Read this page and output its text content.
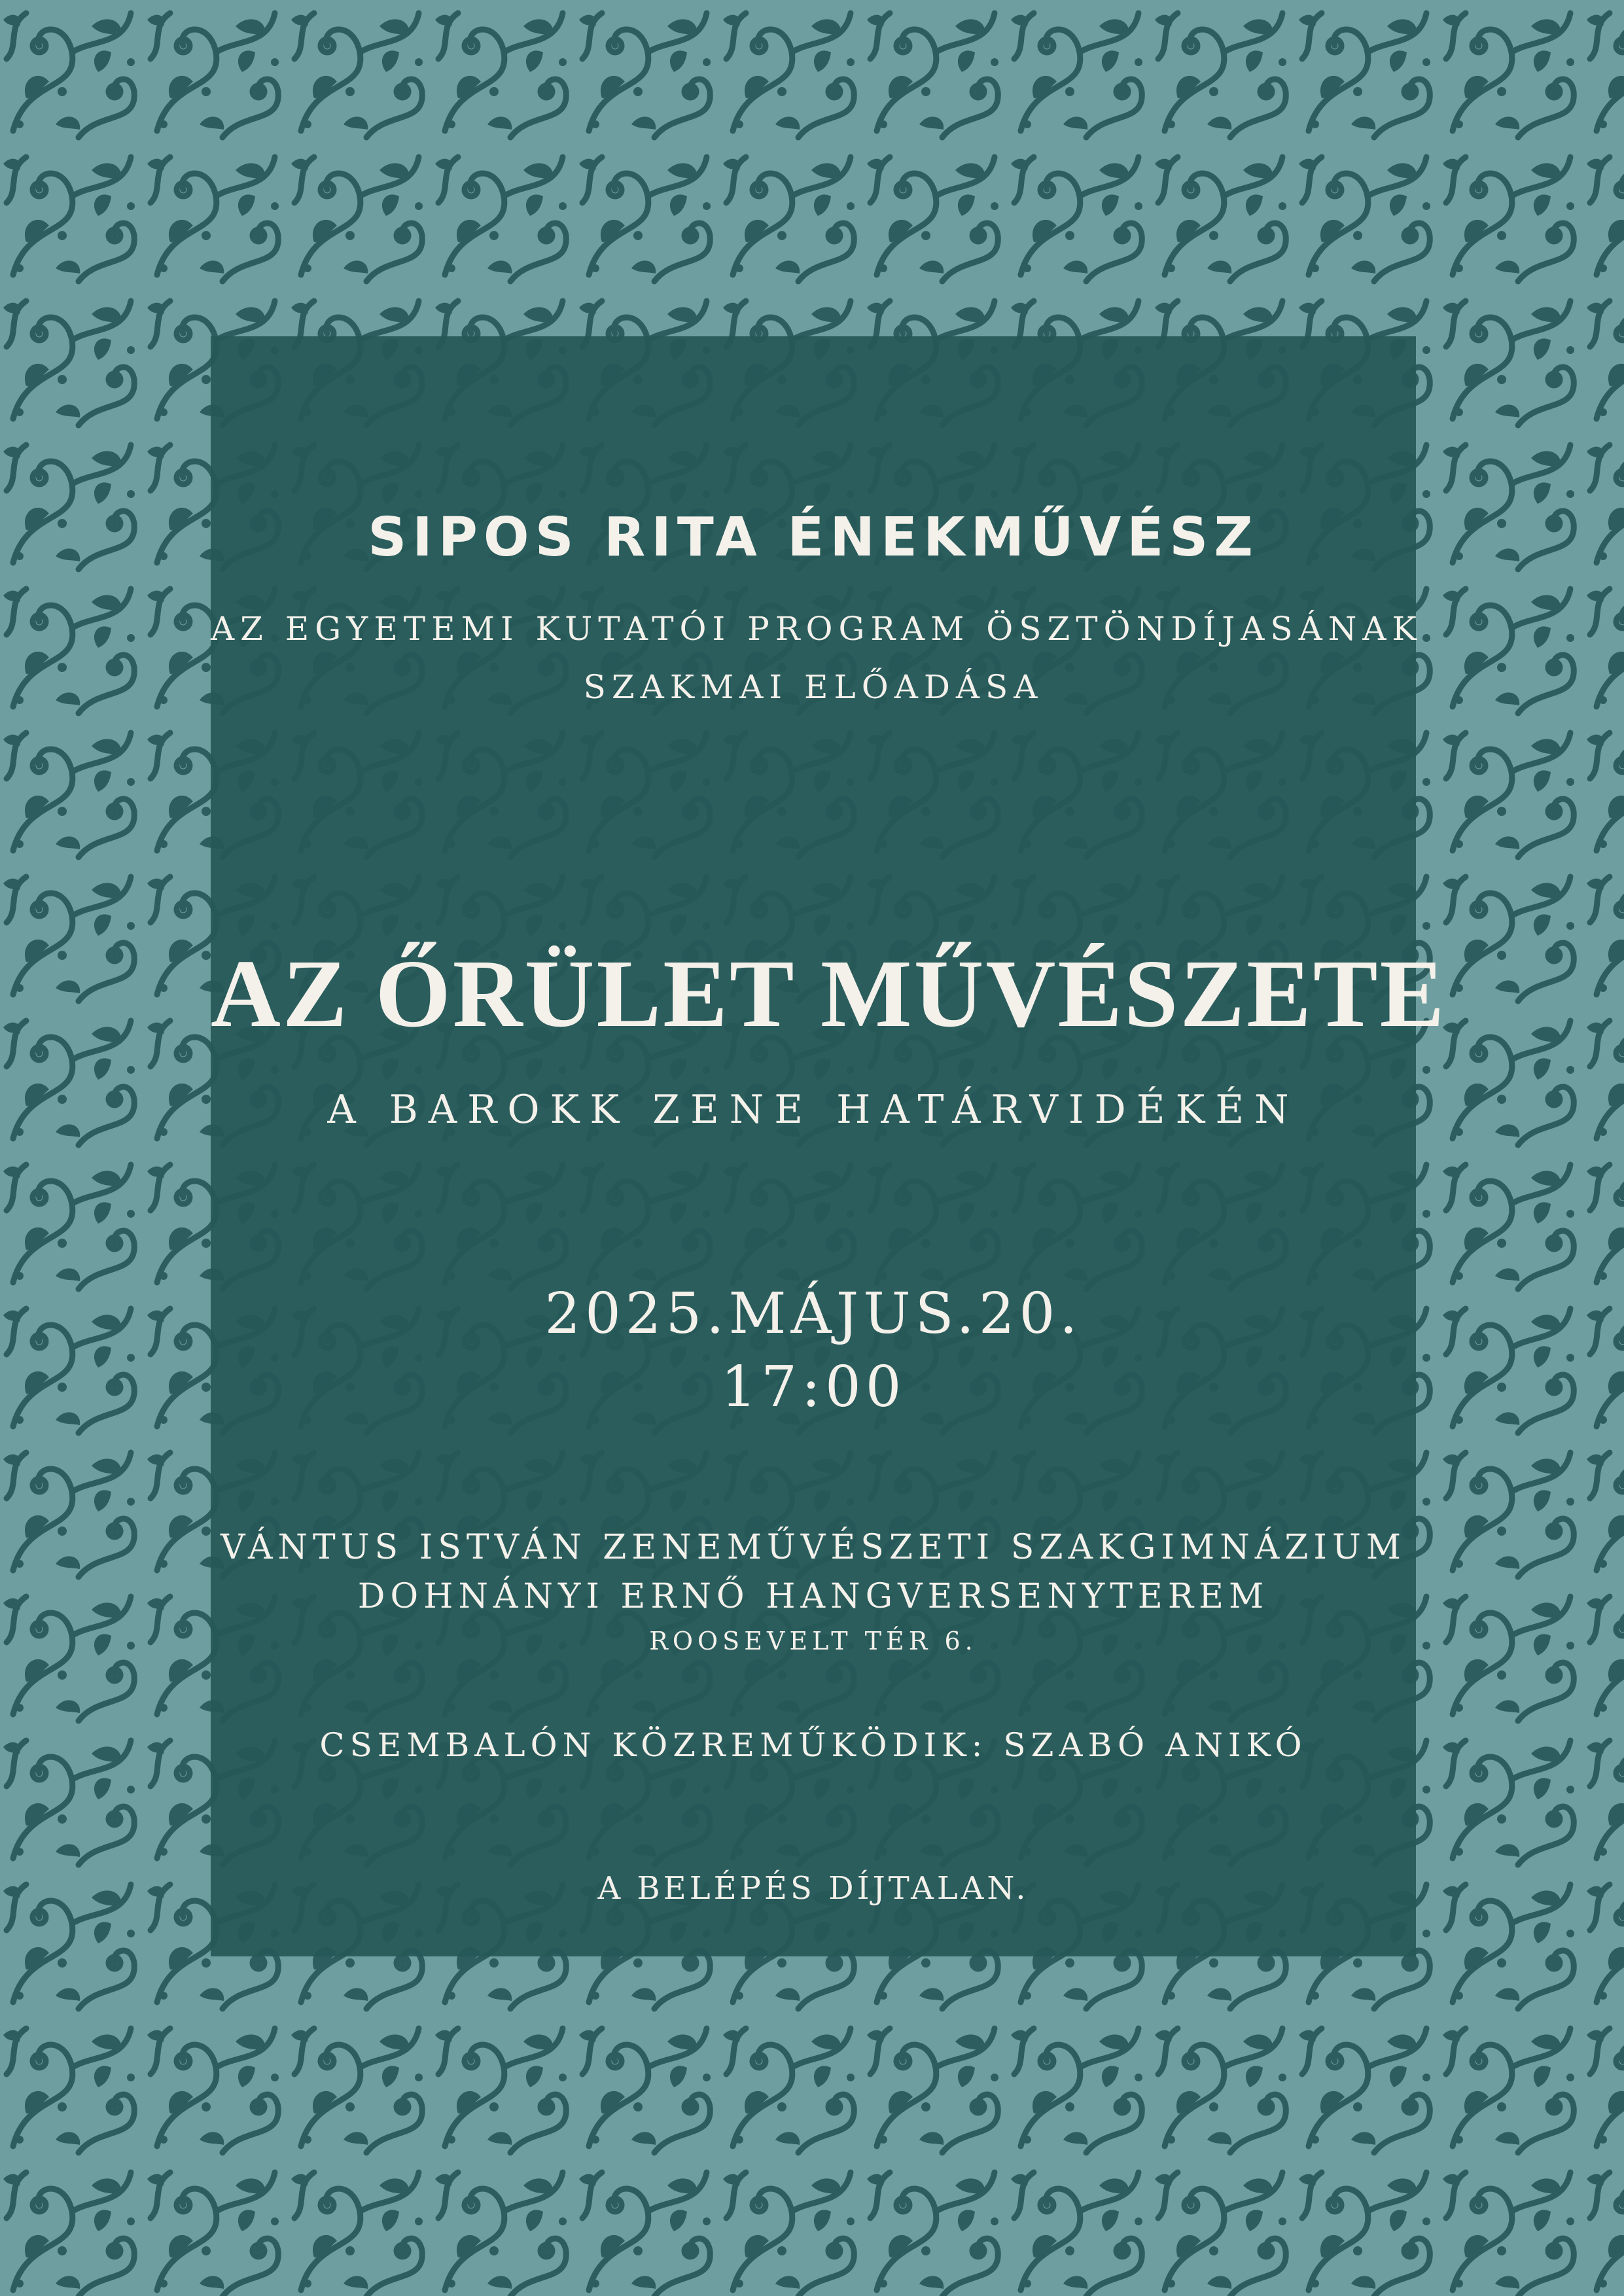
SIPOS RITA ÉNEKMŰVÉSZ

AZ EGYETEMI KUTATÓI PROGRAM ÖSZTÖNDÍJASÁNAK

SZAKMAI ELŐADÁSA

AZ ŐRÜLET MŰVÉSZETE

A BAROKK ZENE HATÁRVIDÉKÉN

2025.MÁJUS.20.

17:00

VÁNTUS ISTVÁN ZENEMŰVÉSZETI SZAKGIMNÁZIUM

DOHNÁNYI ERNŐ HANGVERSENYTEREM

ROOSEVELT TÉR 6.

CSEMBALÓN KÖZREMŰKÖDIK: SZABÓ ANIKÓ

A BELÉPÉS DÍJTALAN.
